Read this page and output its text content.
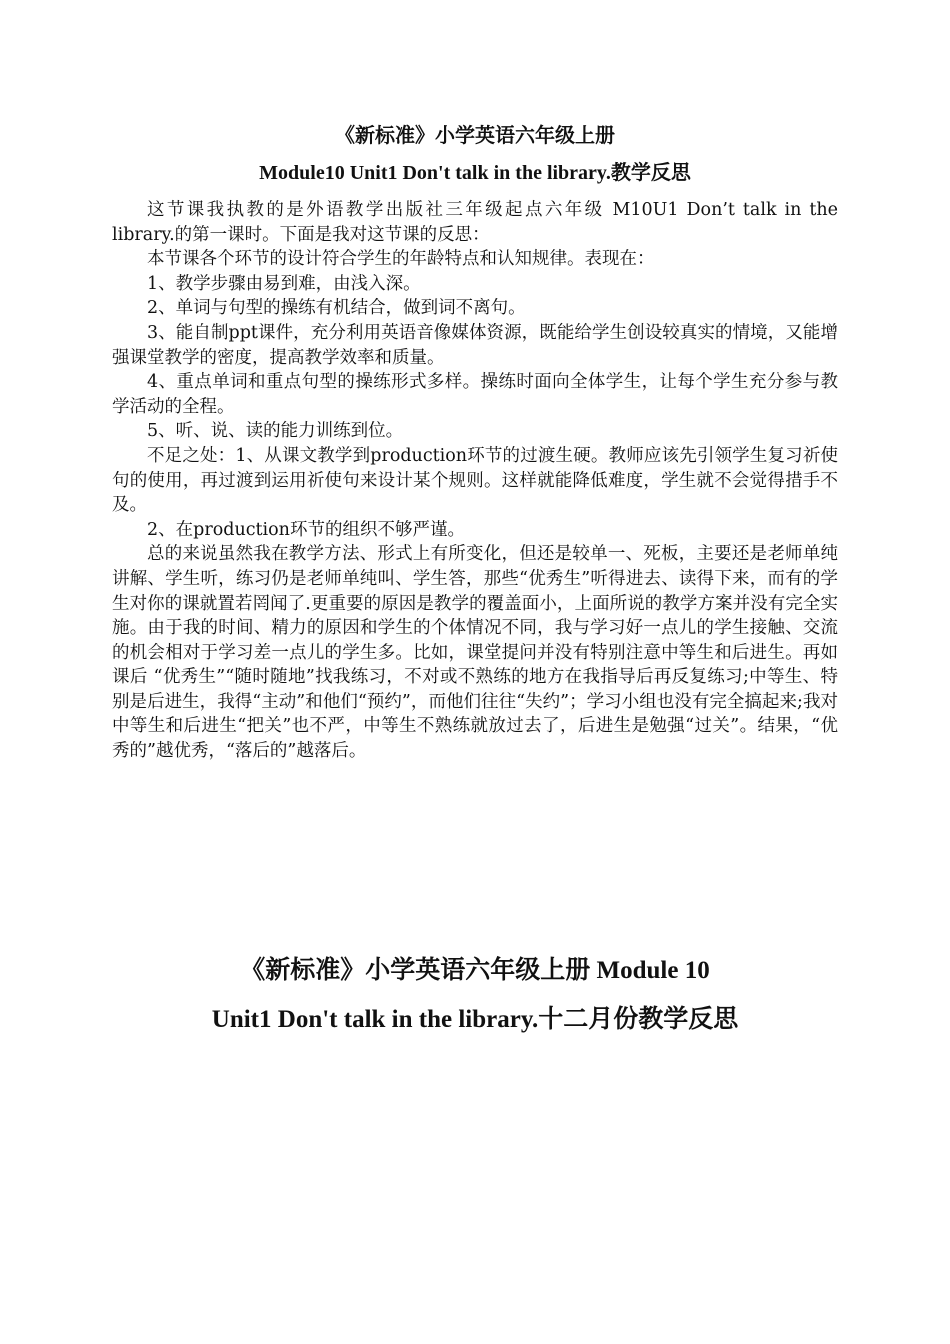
《新标准》小学英语六年级上册
Module10 Unit1 Don't talk in the library.教学反思

这节课我执教的是外语教学出版社三年级起点六年级 M10U1 Don’t talk in the library.的第一课时。下面是我对这节课的反思：

本节课各个环节的设计符合学生的年龄特点和认知规律。表现在：

1、教学步骤由易到难，由浅入深。

2、单词与句型的操练有机结合，做到词不离句。

3、能自制ppt课件，充分利用英语音像媒体资源，既能给学生创设较真实的情境，又能增强课堂教学的密度，提高教学效率和质量。

4、重点单词和重点句型的操练形式多样。操练时面向全体学生，让每个学生充分参与教学活动的全程。

5、听、说、读的能力训练到位。

不足之处：1、从课文教学到production环节的过渡生硬。教师应该先引领学生复习祈使句的使用，再过渡到运用祈使句来设计某个规则。这样就能降低难度，学生就不会觉得措手不及。

2、在production环节的组织不够严谨。

总的来说虽然我在教学方法、形式上有所变化，但还是较单一、死板，主要还是老师单纯讲解、学生听，练习仍是老师单纯叫、学生答，那些“优秀生”听得进去、读得下来，而有的学生对你的课就置若罔闻了.更重要的原因是教学的覆盖面小，上面所说的教学方案并没有完全实施。由于我的时间、精力的原因和学生的个体情况不同，我与学习好一点儿的学生接触、交流的机会相对于学习差一点儿的学生多。比如，课堂提问并没有特别注意中等生和后进生。再如课后 “优秀生”“随时随地”找我练习，不对或不熟练的地方在我指导后再反复练习;中等生、特别是后进生，我得“主动”和他们“预约”，而他们往往“失约”；学习小组也没有完全搞起来;我对中等生和后进生“把关”也不严，中等生不熟练就放过去了，后进生是勉强“过关”。结果，“优秀的”越优秀，“落后的”越落后。

《新标准》小学英语六年级上册 Module 10
Unit1 Don't talk in the library.十二月份教学反思
